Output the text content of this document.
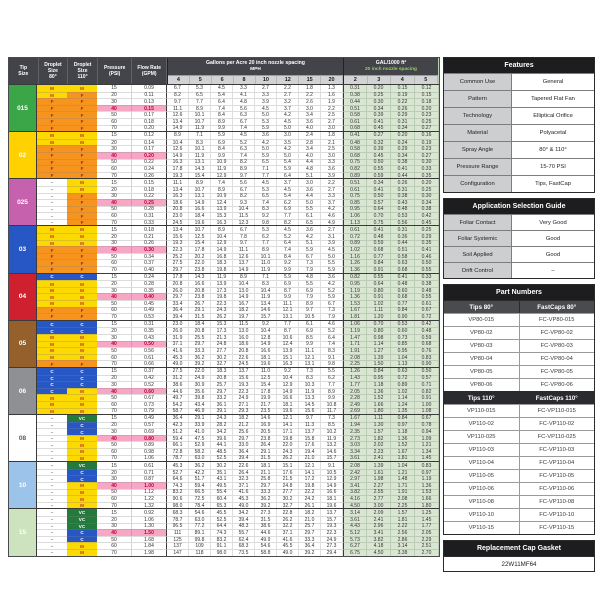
Tip
Size
Droplet Size
80°
Droplet Size
110°
Pressure
(PSI)
Flow Rate
(GPM)
Gallons per Acre 20 inch nozzle spacing
MPH
4	5	6	8	10	12	15	20
GAL/1000 ft²
20 inch nozzle spacing
2	3	4	5
015
M	M	15	0.09	6.7	5.3	4.5	3.3	2.7	2.2	1.8	1.3	0.31	0.20	0.15	0.12
M	F	20	0.11	8.2	6.5	5.4	4.1	3.3	2.7	2.2	1.6	0.38	0.25	0.19	0.15
F	F	30	0.13	9.7	7.7	6.4	4.8	3.9	3.2	2.6	1.9	0.44	0.30	0.22	0.18
F	F	40	0.15	11.1	8.9	7.4	5.6	4.5	3.7	3.0	2.2	0.51	0.34	0.26	0.20
F	F	50	0.17	12.6	10.1	8.4	6.3	5.0	4.2	3.4	2.5	0.58	0.39	0.29	0.23
F	F	60	0.18	13.4	10.7	8.9	6.7	5.3	4.5	3.6	2.7	0.61	0.41	0.31	0.25
F	F	70	0.20	14.9	11.9	9.9	7.4	5.9	5.0	4.0	3.0	0.68	0.45	0.34	0.27
02
M	M	15	0.12	8.9	7.1	5.9	4.5	3.6	3.0	2.4	1.8	0.41	0.27	0.20	0.16
M	M	20	0.14	10.4	8.3	6.9	5.2	4.2	3.5	2.8	2.1	0.48	0.32	0.24	0.19
F	F	30	0.17	12.6	10.1	8.4	6.3	5.0	4.2	3.4	2.5	0.58	0.39	0.29	0.23
F	F	40	0.20	14.9	11.9	9.9	7.4	5.9	5.0	4.0	3.0	0.68	0.45	0.34	0.27
F	F	50	0.22	16.3	13.1	10.9	8.2	6.5	5.4	4.4	3.3	0.75	0.50	0.38	0.30
F	F	60	0.24	17.8	14.3	11.9	8.9	7.1	5.9	4.8	3.6	0.82	0.55	0.41	0.33
F	F	70	0.26	19.3	15.4	12.9	9.7	7.7	6.4	5.1	3.9	0.89	0.59	0.44	0.35
025
–	M	15	0.15	11.1	8.9	7.4	5.6	4.5	3.7	3.0	2.2	0.51	0.34	0.26	0.20
–	M	20	0.18	13.4	10.7	8.9	6.7	5.3	4.5	3.6	2.7	0.61	0.41	0.31	0.25
–	F	30	0.22	16.3	13.1	10.9	8.2	6.5	5.4	4.4	3.3	0.75	0.50	0.38	0.30
–	F	40	0.25	18.6	14.9	12.4	9.3	7.4	6.2	5.0	3.7	0.85	0.57	0.43	0.34
–	F	50	0.28	20.8	16.6	13.9	10.4	8.3	6.9	5.5	4.2	0.95	0.64	0.48	0.38
–	F	60	0.31	23.0	18.4	15.3	11.5	9.2	7.7	6.1	4.6	1.06	0.70	0.53	0.42
–	F	70	0.33	24.5	19.6	16.3	12.3	9.8	8.2	6.5	4.9	1.13	0.75	0.56	0.45
03
M	M	15	0.18	13.4	10.7	8.9	6.7	5.3	4.5	3.6	2.7	0.61	0.41	0.31	0.25
M	M	20	0.21	15.6	12.5	10.4	7.8	6.2	5.2	4.2	3.1	0.72	0.48	0.36	0.29
M	M	30	0.26	19.3	15.4	12.9	9.7	7.7	6.4	5.1	3.9	0.89	0.59	0.44	0.35
F	F	40	0.30	22.3	17.8	14.9	11.1	8.9	7.4	5.9	4.5	1.02	0.68	0.51	0.41
F	F	50	0.34	25.2	20.2	16.8	12.6	10.1	8.4	6.7	5.0	1.16	0.77	0.58	0.46
F	F	60	0.37	27.5	22.0	18.3	13.7	11.0	9.2	7.3	5.5	1.26	0.84	0.63	0.50
F	F	70	0.40	29.7	23.8	19.8	14.9	11.9	9.9	7.9	5.9	1.36	0.91	0.68	0.55
04
C	C	15	0.24	17.8	14.3	11.9	8.9	7.1	5.9	4.8	3.6	0.82	0.55	0.41	0.33
M	M	20	0.28	20.8	16.6	13.9	10.4	8.3	6.9	5.5	4.2	0.95	0.64	0.48	0.38
M	M	30	0.35	26.0	20.8	17.3	13.0	10.4	8.7	6.9	5.2	1.19	0.80	0.60	0.48
M	M	40	0.40	29.7	23.8	19.8	14.9	11.9	9.9	7.9	5.9	1.36	0.91	0.68	0.55
M	M	50	0.45	33.4	26.7	22.3	16.7	13.4	11.1	8.9	6.7	1.53	1.02	0.77	0.61
F	F	60	0.49	36.4	29.1	24.3	18.2	14.6	12.1	9.7	7.3	1.67	1.11	0.84	0.67
F	F	70	0.53	39.4	31.5	26.2	19.7	15.7	13.1	10.5	7.9	1.81	1.20	0.90	0.72
05
C	C	15	0.31	23.0	18.4	15.3	11.5	9.2	7.7	6.1	4.6	1.06	0.70	0.53	0.42
C	C	20	0.35	26.0	20.8	17.3	13.0	10.4	8.7	6.9	5.2	1.19	0.80	0.60	0.48
M	M	30	0.43	31.9	25.5	21.3	16.0	12.8	10.6	8.5	6.4	1.47	0.98	0.73	0.59
M	M	40	0.50	37.1	29.7	24.8	18.6	14.9	12.4	9.9	7.4	1.71	1.14	0.85	0.68
M	M	50	0.56	41.6	33.3	27.7	20.8	16.6	13.9	11.1	8.3	1.91	1.27	0.95	0.76
M	M	60	0.61	45.3	36.2	30.2	22.6	18.1	15.1	12.1	9.1	2.08	1.39	1.04	0.83
F	F	70	0.66	49.0	39.2	32.7	24.5	19.6	16.3	13.1	9.8	2.25	1.50	1.13	0.90
06
C	C	15	0.37	27.5	22.0	18.3	13.7	11.0	9.2	7.3	5.5	1.26	0.84	0.63	0.50
C	C	20	0.42	31.2	24.9	20.8	15.6	12.5	10.4	8.3	6.2	1.43	0.95	0.72	0.57
C	C	30	0.52	38.6	30.9	25.7	19.3	15.4	12.9	10.3	7.7	1.77	1.18	0.89	0.71
C	M	40	0.60	44.6	35.6	29.7	22.3	17.8	14.9	11.9	8.9	2.05	1.36	1.02	0.82
M	M	50	0.67	49.7	39.8	33.2	24.9	19.9	16.6	13.3	9.9	2.28	1.52	1.14	0.91
M	M	60	0.73	54.2	43.4	36.1	27.1	21.7	18.1	14.5	10.8	2.49	1.66	1.24	1.00
M	M	70	0.79	58.7	46.9	39.1	29.3	23.5	19.6	15.6	11.7	2.69	1.80	1.35	1.08
08
–	VC	15	0.49	36.4	29.1	24.3	18.2	14.6	12.1	9.7	7.3	1.67	1.11	0.84	0.67
–	C	20	0.57	42.3	33.9	28.2	21.2	16.9	14.1	11.3	8.5	1.94	1.30	0.97	0.78
–	C	30	0.69	51.2	41.0	34.2	25.6	20.5	17.1	13.7	10.2	2.35	1.57	1.18	0.94
–	M	40	0.80	59.4	47.5	39.6	29.7	23.8	19.8	15.8	11.9	2.73	1.82	1.36	1.09
–	M	50	0.89	66.1	52.9	44.1	33.0	26.4	22.0	17.6	13.2	3.03	2.02	1.52	1.21
–	M	60	0.98	72.8	58.2	48.5	36.4	29.1	24.3	19.4	14.6	3.34	2.23	1.67	1.34
–	M	70	1.06	78.7	63.0	52.5	39.4	31.5	26.2	21.0	15.7	3.61	2.41	1.81	1.45
10
–	VC	15	0.61	45.3	36.2	30.2	22.6	18.1	15.1	12.1	9.1	2.08	1.39	1.04	0.83
–	C	20	0.71	52.7	42.2	35.1	26.4	21.1	17.6	14.1	10.5	2.42	1.61	1.21	0.97
–	C	30	0.87	64.6	51.7	43.1	32.3	25.8	21.5	17.2	12.9	2.97	1.98	1.48	1.19
–	M	40	1.00	74.3	59.4	49.5	37.1	29.7	24.8	19.8	14.9	3.41	2.27	1.71	1.36
–	M	50	1.12	83.2	66.5	55.4	41.6	33.3	27.7	22.2	16.6	3.82	2.55	1.91	1.53
–	M	60	1.22	90.6	72.5	60.4	45.3	36.2	30.2	24.2	18.1	4.16	2.77	2.08	1.66
–	M	70	1.32	98.0	78.4	65.3	49.0	39.2	32.7	26.1	19.6	4.50	3.00	2.25	1.80
15
–	VC	15	0.92	68.3	54.6	45.5	34.2	27.3	22.8	18.2	13.7	3.14	2.09	1.57	1.25
–	VC	20	1.06	78.7	63.0	52.5	39.4	31.5	26.2	21.0	15.7	3.61	2.41	1.81	1.45
–	VC	30	1.30	96.5	77.2	64.4	48.3	38.6	32.2	25.7	19.3	4.43	2.96	2.22	1.77
–	C	40	1.50	111	89.1	74.3	55.7	44.6	37.1	29.7	22.3	5.12	3.41	2.56	2.05
–	C	50	1.68	125	99.8	83.2	62.4	49.9	41.6	33.3	24.9	5.73	3.82	2.86	2.29
–	M	60	1.84	137	109	91.1	68.3	54.6	45.5	36.4	27.3	6.27	4.18	3.14	2.51
–	M	70	1.98	147	118	98.0	73.5	58.8	49.0	39.2	29.4	6.75	4.50	3.38	2.70
Features
Common Use	General
Pattern	Tapered Flat Fan
Technology	Elliptical Orifice
Material	Polyacetal
Spray Angle	80° & 110°
Pressure Range	15-70 PSI
Configuration	Tips, FastCap
Application Selection Guide
Foliar Contact	Very Good
Foliar Systemic	Good
Soil Applied	Good
Drift Control	–
Part Numbers
Tips 80°	FastCaps 80°
VP80-015	FC-VP80-015
VP80-02	FC-VP80-02
VP80-03	FC-VP80-03
VP80-04	FC-VP80-04
VP80-05	FC-VP80-05
VP80-06	FC-VP80-06
Tips 110°	FastCaps 110°
VP110-015	FC-VP110-015
VP110-02	FC-VP110-02
VP110-025	FC-VP110-025
VP110-03	FC-VP110-03
VP110-04	FC-VP110-04
VP110-05	FC-VP110-05
VP110-06	FC-VP110-06
VP110-08	FC-VP110-08
VP110-10	FC-VP110-10
VP110-15	FC-VP110-15
Replacement Cap Gasket
22W11MF64
